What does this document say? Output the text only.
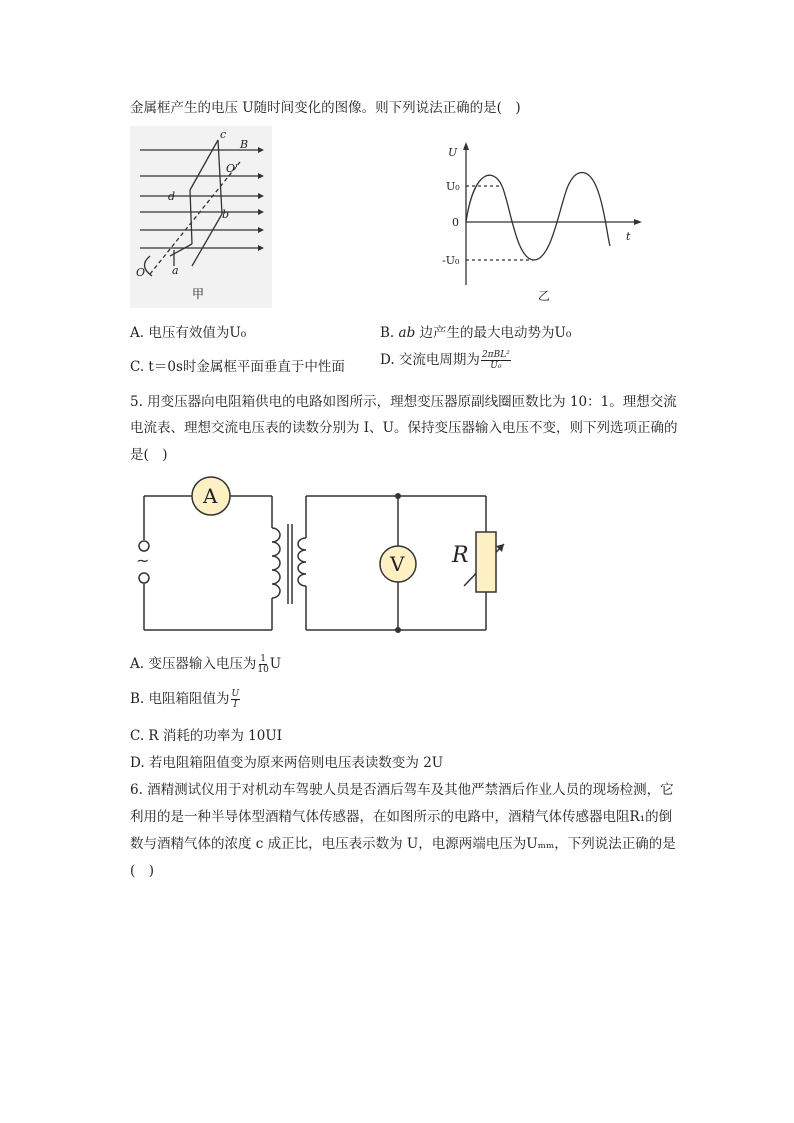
金属框产生的电压 U随时间变化的图像。则下列说法正确的是(　)
c
B
O'
d
b
O a
甲
U
U₀
0
-U₀
t
乙
A. 电压有效值为U₀	B. ab 边产生的最大电动势为U₀
C. t＝0s时金属框平面垂直于中性面	D. 交流电周期为 $\frac{\text{2πBL²}}{\text{U₀}}$
5. 用变压器向电阻箱供电的电路如图所示，理想变压器原副线圈匝数比为 10：1。理想交流
电流表、理想交流电压表的读数分别为 I、U。保持变压器输入电压不变，则下列选项正确的
是(　)
~
A
V R
A. 变压器输入电压为 $\frac{1}{10}$ U
B. 电阻箱阻值为 $\frac{U}{I}$
C. R 消耗的功率为 10UI
D. 若电阻箱阻值变为原来两倍则电压表读数变为 2U
6. 酒精测试仪用于对机动车驾驶人员是否酒后驾车及其他严禁酒后作业人员的现场检测，它
利用的是一种半导体型酒精气体传感器，在如图所示的电路中，酒精气体传感器电阻R₁的倒
数与酒精气体的浓度 c 成正比，电压表示数为 U，电源两端电压为Uₘₘ，下列说法正确的是
(　)
